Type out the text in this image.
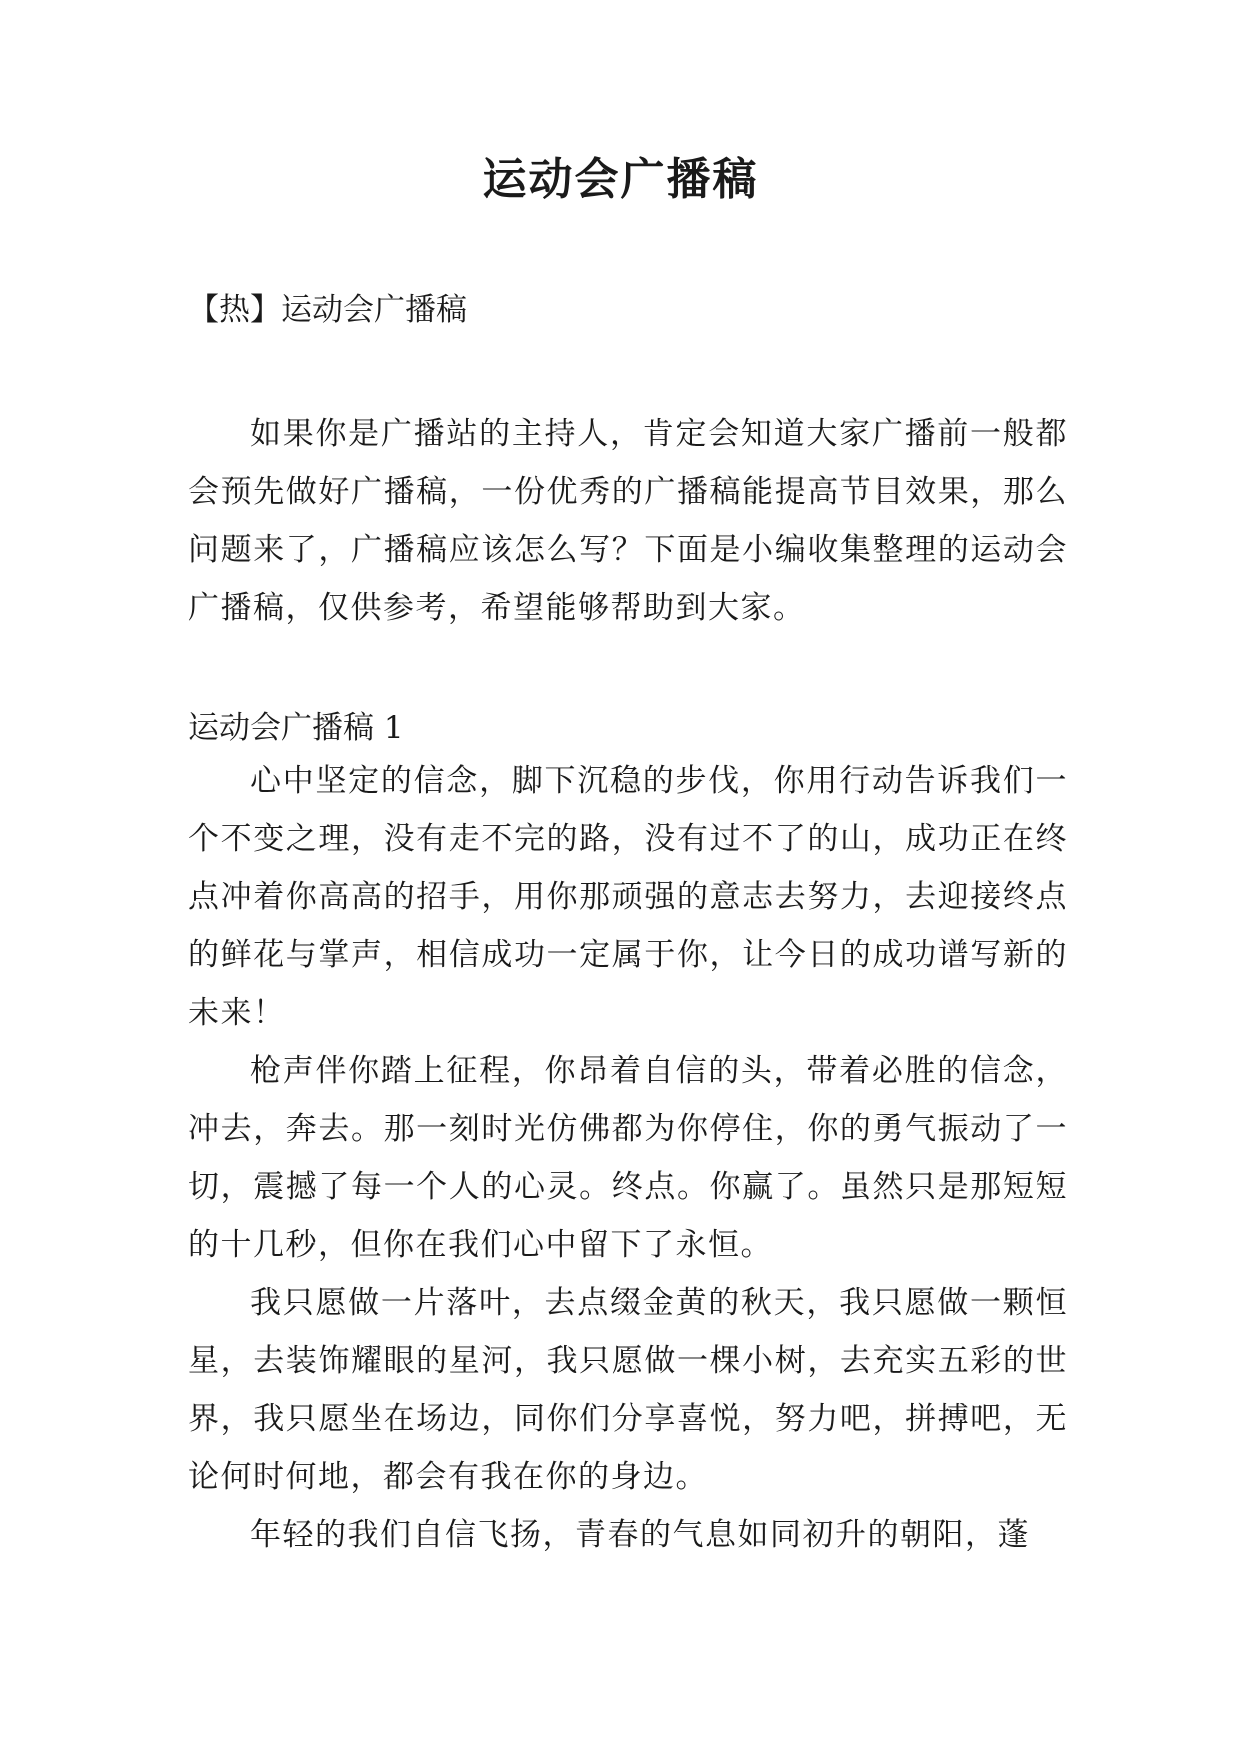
运动会广播稿

【热】运动会广播稿

如果你是广播站的主持人，肯定会知道大家广播前一般都会预先做好广播稿，一份优秀的广播稿能提高节目效果，那么问题来了，广播稿应该怎么写？下面是小编收集整理的运动会广播稿，仅供参考，希望能够帮助到大家。

运动会广播稿 1

心中坚定的信念，脚下沉稳的步伐，你用行动告诉我们一个不变之理，没有走不完的路，没有过不了的山，成功正在终点冲着你高高的招手，用你那顽强的意志去努力，去迎接终点的鲜花与掌声，相信成功一定属于你，让今日的成功谱写新的未来！

枪声伴你踏上征程，你昂着自信的头，带着必胜的信念，冲去，奔去。那一刻时光仿佛都为你停住，你的勇气振动了一切，震撼了每一个人的心灵。终点。你赢了。虽然只是那短短的十几秒，但你在我们心中留下了永恒。

我只愿做一片落叶，去点缀金黄的秋天，我只愿做一颗恒星，去装饰耀眼的星河，我只愿做一棵小树，去充实五彩的世界，我只愿坐在场边，同你们分享喜悦，努力吧，拼搏吧，无论何时何地，都会有我在你的身边。

年轻的我们自信飞扬，青春的气息如同初升的朝阳，蓬
